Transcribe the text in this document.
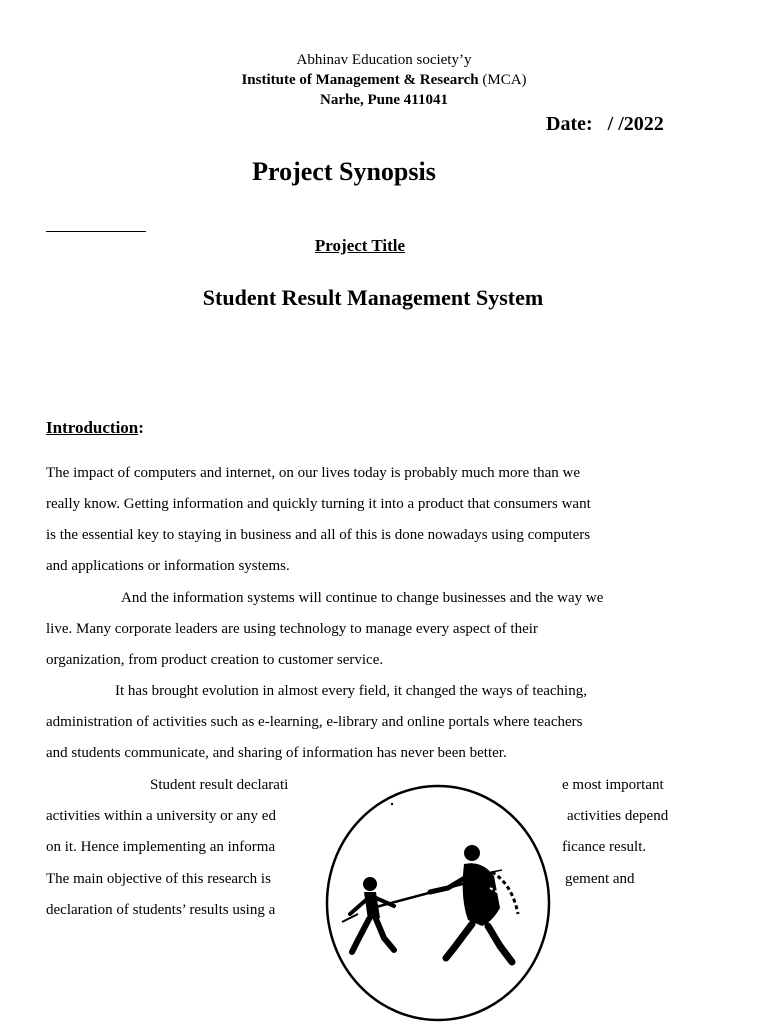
Abhinav Education society’y
Institute of Management & Research (MCA)
Narhe, Pune 411041
Date: / /2022
Project Synopsis
Project Title
Student Result Management System
Introduction:
The impact of computers and internet, on our lives today is probably much more than we
really know. Getting information and quickly turning it into a product that consumers want
is the essential key to staying in business and all of this is done nowadays using computers
and applications or information systems.
And the information systems will continue to change businesses and the way we
live. Many corporate leaders are using technology to manage every aspect of their
organization, from product creation to customer service.
It has brought evolution in almost every field, it changed the ways of teaching,
administration of activities such as e-learning, e-library and online portals where teachers
and students communicate, and sharing of information has never been better.
Student result declarati	e most important
activities within a university or any ed	activities depend
on it. Hence implementing an informa	ficance result.
The main objective of this research is	gement and
declaration of students’ results using a
